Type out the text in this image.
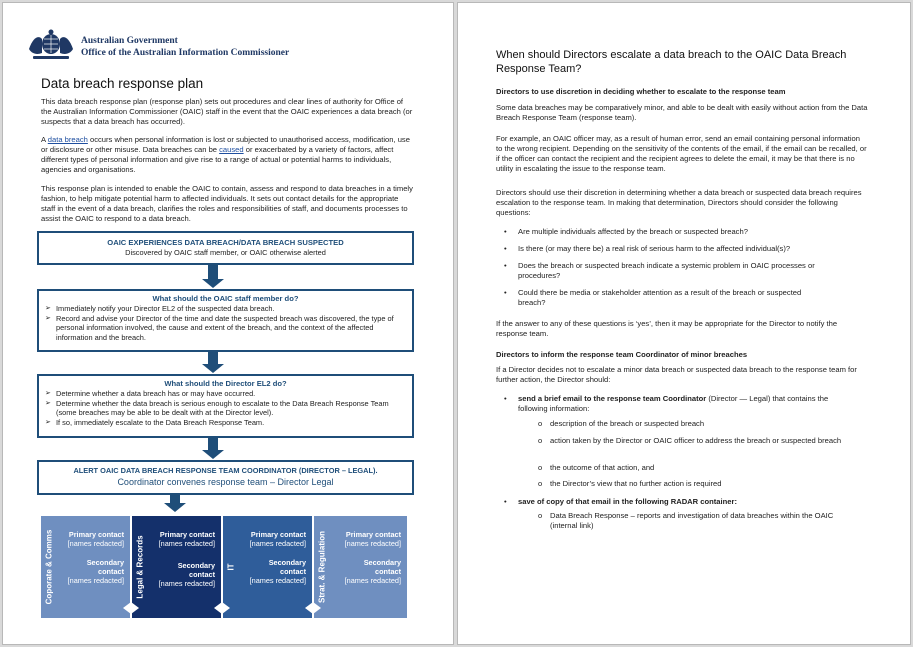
Australian Government
Office of the Australian Information Commissioner
Data breach response plan

This data breach response plan (response plan) sets out procedures and clear lines of authority for Office of the Australian Information Commissioner (OAIC) staff in the event that the OAIC experiences a data breach (or suspects that a data breach has occurred).

A data breach occurs when personal information is lost or subjected to unauthorised access, modification, use or disclosure or other misuse. Data breaches can be caused or exacerbated by a variety of factors, affect different types of personal information and give rise to a range of actual or potential harms to individuals, agencies and organisations.

This response plan is intended to enable the OAIC to contain, assess and respond to data breaches in a timely fashion, to help mitigate potential harm to affected individuals. It sets out contact details for the appropriate staff in the event of a data breach, clarifies the roles and responsibilities of staff, and documents processes to assist the OAIC to respond to a data breach.

OAIC EXPERIENCES DATA BREACH/DATA BREACH SUSPECTED
Discovered by OAIC staff member, or OAIC otherwise alerted
What should the OAIC staff member do?
➢ Immediately notify your Director EL2 of the suspected data breach.
➢ Record and advise your Director of the time and date the suspected breach was discovered, the type of personal information involved, the cause and extent of the breach, and the context of the affected information and the breach.
What should the Director EL2 do?
➢ Determine whether a data breach has or may have occurred.
➢ Determine whether the data breach is serious enough to escalate to the Data Breach Response Team (some breaches may be able to be dealt with at the Director level).
➢ If so, immediately escalate to the Data Breach Response Team.
ALERT OAIC DATA BREACH RESPONSE TEAM COORDINATOR (DIRECTOR – LEGAL).
Coordinator convenes response team – Director Legal
Coporate & Comms Primary contact
[names redacted]
Secondary
contact
[names redacted] Legal & Records
Primary contact
[names redacted]
Secondary
contact
[names redacted]
IT
Primary contact
[names redacted]
Secondary
contact
[names redacted] Strat. & Regulation	Primary contact
[names redacted]
Secondary
contact
[names redacted]
When should Directors escalate a data breach to the OAIC Data Breach Response Team?

Directors to use discretion in deciding whether to escalate to the response team

Some data breaches may be comparatively minor, and able to be dealt with easily without action from the Data Breach Response Team (response team).

For example, an OAIC officer may, as a result of human error, send an email containing personal information to the wrong recipient. Depending on the sensitivity of the contents of the email, if the email can be recalled, or if the officer can contact the recipient and the recipient agrees to delete the email, it may be that there is no utility in escalating the issue to the response team.

Directors should use their discretion in determining whether a data breach or suspected data breach requires escalation to the response team. In making that determination, Directors should consider the following questions:

• Are multiple individuals affected by the breach or suspected breach?

• Is there (or may there be) a real risk of serious harm to the affected individual(s)?

• Does the breach or suspected breach indicate a systemic problem in OAIC processes or procedures?

• Could there be media or stakeholder attention as a result of the breach or suspected breach?

If the answer to any of these questions is ‘yes’, then it may be appropriate for the Director to notify the response team.

Directors to inform the response team Coordinator of minor breaches

If a Director decides not to escalate a minor data breach or suspected data breach to the response team for further action, the Director should:

• send a brief email to the response team Coordinator (Director — Legal) that contains the following information:

o description of the breach or suspected breach

o action taken by the Director or OAIC officer to address the breach or suspected breach

o the outcome of that action, and

o the Director’s view that no further action is required

• save of copy of that email in the following RADAR container:

o Data Breach Response – reports and investigation of data breaches within the OAIC (internal link)
